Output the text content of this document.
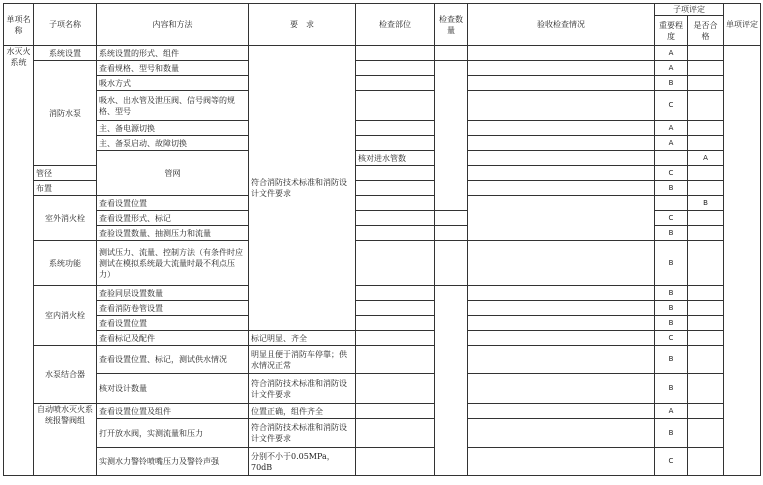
单项名称	子项名称	内容和方法	要　求	检查部位	检查数量	验收检查情况	子项评定		单项评定	
							重要程度	是否合格		
水灭火系统	系统设置	系统设置的形式、组件	符合消防技术标准和消防设计文件要求				A			
	消防水泵	查看规格、型号和数量					A			
		吸水方式					B			
		吸水、出水管及泄压阀、信号阀等的规格、型号					C			
		主、备电源切换					A			
		主、备泵启动、故障切换					A			
		管网		核对进水管数				A		
	管径						C			
	布置						B			
	室外消火栓	查看设置位置						B		
		查看设置形式、标记					C			
		查验设置数量、抽测压力和流量					B			
	系统功能	测试压力、流量、控制方法（有条件时应测试在模拟系统最大流量时最不利点压力）					B			
	室内消火栓	查验同层设置数量					B			
		查看消防卷管设置					B			
		查看设置位置					B			
		查看标记及配件	标记明显、齐全				C			
	水泵结合器	查看设置位置、标记，测试供水情况	明显且便于消防车停靠；供水情况正常				B			
		核对设计数量	符合消防技术标准和消防设计文件要求				B			
	自动喷水灭火系统报警阀组	查看设置位置及组件	位置正确，组件齐全				A			
		打开放水阀，实测流量和压力	符合消防技术标准和消防设计文件要求				B			
		实测水力警铃喷嘴压力及警铃声强	分别不小于0.05MPa，70dB				C			
